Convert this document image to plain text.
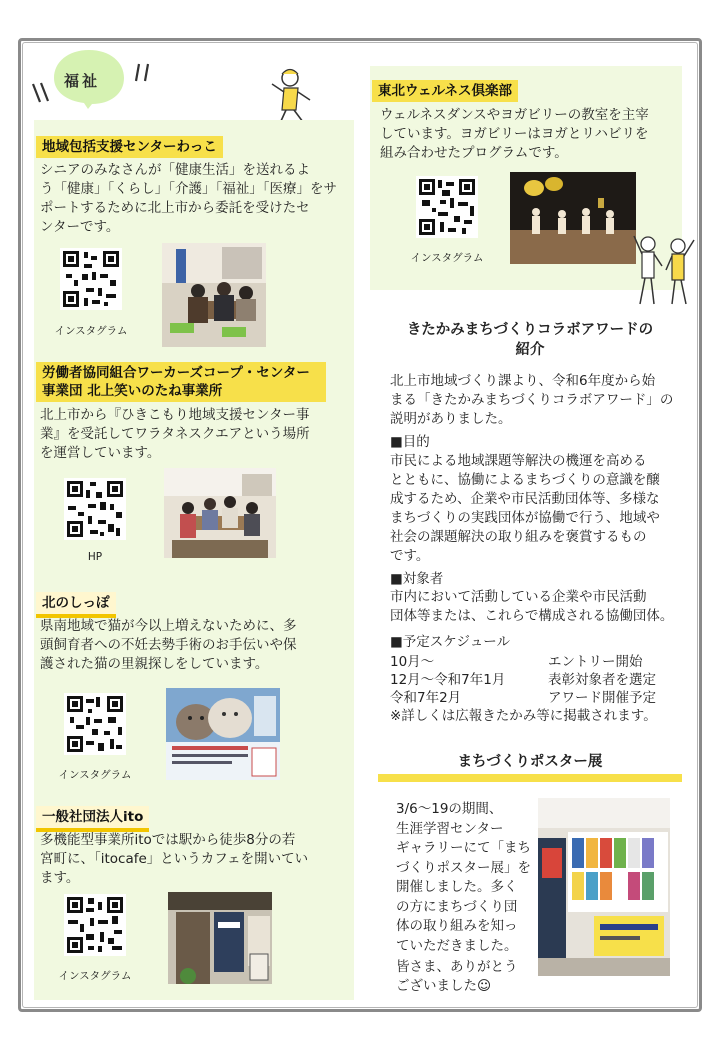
福祉
地域包括支援センターわっこ
シニアのみなさんが「健康生活」を送れるよ
う「健康」「くらし」「介護」「福祉」「医療」をサ
ポートするために北上市から委託を受けたセ
ンターです。
インスタグラム
労働者協同組合ワーカーズコープ・センター
事業団 北上笑いのたね事業所
北上市から『ひきこもり地域支援センター事
業』を受託してワラタネスクエアという場所
を運営しています。
HP
北のしっぽ
県南地域で猫が今以上増えないために、多
頭飼育者への不妊去勢手術のお手伝いや保
護された猫の里親探しをしています。
インスタグラム
一般社団法人ito
多機能型事業所itoでは駅から徒歩8分の若
宮町に、「itocafe」というカフェを開いてい
ます。
インスタグラム
東北ウェルネス倶楽部
ウェルネスダンスやヨガビリーの教室を主宰
しています。ヨガビリーはヨガとリハビリを
組み合わせたプログラムです。
インスタグラム
きたかみまちづくりコラボアワードの
紹介
北上市地域づくり課より、令和6年度から始
まる「きたかみまちづくりコラボアワード」の
説明がありました。
■目的
市民による地域課題等解決の機運を高める
とともに、協働によるまちづくりの意識を醸
成するため、企業や市民活動団体等、多様な
まちづくりの実践団体が協働で行う、地域や
社会の課題解決の取り組みを褒賞するもの
です。
■対象者
市内において活動している企業や市民活動
団体等または、これらで構成される協働団体。
■予定スケジュール
10月～	エントリー開始
12月～令和7年1月	表彰対象者を選定
令和7年2月	アワード開催予定
※詳しくは広報きたかみ等に掲載されます。
まちづくりポスター展
3/6～19の期間、
生涯学習センター
ギャラリーにて「まち
づくりポスター展」を
開催しました。多く
の方にまちづくり団
体の取り組みを知っ
ていただきました。
皆さま、ありがとう
ございました☺
